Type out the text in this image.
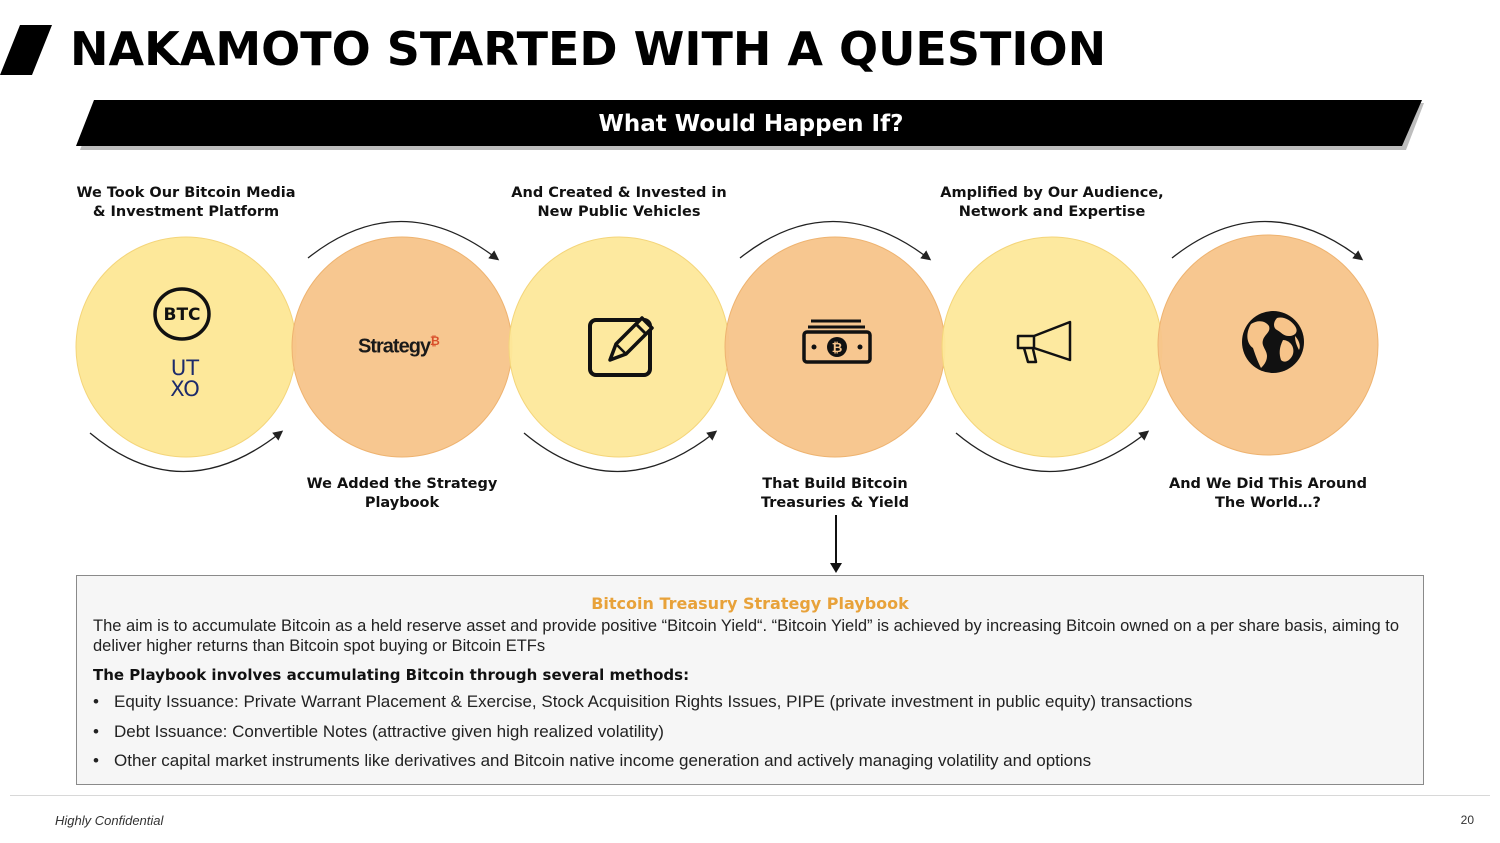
NAKAMOTO STARTED WITH A QUESTION
What Would Happen If?
₿
BTC
UT
XO
Strategy₿
We Took Our Bitcoin Media & Investment Platform
And Created & Invested in New Public Vehicles
Amplified by Our Audience, Network and Expertise
We Added the Strategy Playbook
That Build Bitcoin Treasuries & Yield
And We Did This Around The World…?
Bitcoin Treasury Strategy Playbook
The aim is to accumulate Bitcoin as a held reserve asset and provide positive “Bitcoin Yield“. “Bitcoin Yield” is achieved by increasing Bitcoin owned on a per share basis, aiming to deliver higher returns than Bitcoin spot buying or Bitcoin ETFs
The Playbook involves accumulating Bitcoin through several methods:
• Equity Issuance: Private Warrant Placement & Exercise, Stock Acquisition Rights Issues, PIPE (private investment in public equity) transactions
• Debt Issuance: Convertible Notes (attractive given high realized volatility)
• Other capital market instruments like derivatives and Bitcoin native income generation and actively managing volatility and options
Highly Confidential	20
